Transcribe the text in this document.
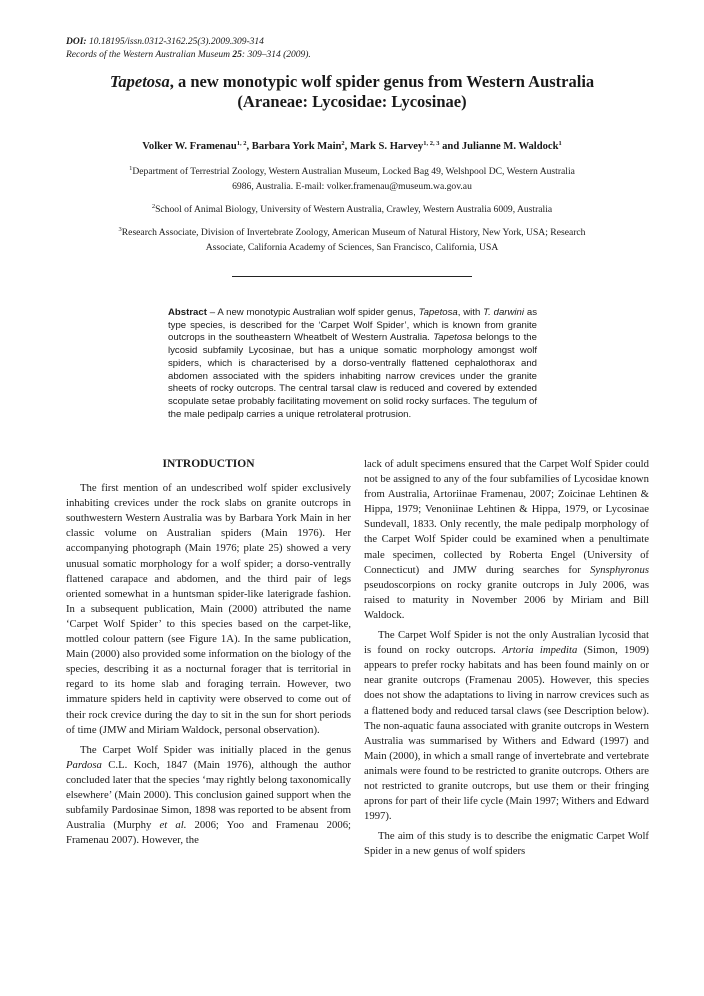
DOI: 10.18195/issn.0312-3162.25(3).2009.309-314
Records of the Western Australian Museum 25: 309–314 (2009).
Tapetosa, a new monotypic wolf spider genus from Western Australia
(Araneae: Lycosidae: Lycosinae)
Volker W. Framenau$^{1, 2}$, Barbara York Main$^2$, Mark S. Harvey$^{1, 2, 3}$ and Julianne M. Waldock$^1$
$^1$Department of Terrestrial Zoology, Western Australian Museum, Locked Bag 49, Welshpool DC, Western Australia
6986, Australia. E-mail: volker.framenau@museum.wa.gov.au
$^2$School of Animal Biology, University of Western Australia, Crawley, Western Australia 6009, Australia
$^3$Research Associate, Division of Invertebrate Zoology, American Museum of Natural History, New York, USA; Research
Associate, California Academy of Sciences, San Francisco, California, USA
Abstract – A new monotypic Australian wolf spider genus, Tapetosa, with T. darwini as type species, is described for the ‘Carpet Wolf Spider’, which is known from granite outcrops in the southeastern Wheatbelt of Western Australia. Tapetosa belongs to the lycosid subfamily Lycosinae, but has a unique somatic morphology amongst wolf spiders, which is characterised by a dorso-ventrally flattened cephalothorax and abdomen associated with the spiders inhabiting narrow crevices under the granite sheets of rocky outcrops. The central tarsal claw is reduced and covered by extended scopulate setae probably facilitating movement on solid rocky surfaces. The tegulum of the male pedipalp carries a unique retrolateral protrusion.
INTRODUCTION

The first mention of an undescribed wolf spider exclusively inhabiting crevices under the rock slabs on granite outcrops in southwestern Western Australia was by Barbara York Main in her classic volume on Australian spiders (Main 1976). Her accompanying photograph (Main 1976; plate 25) showed a very unusual somatic morphology for a wolf spider; a dorso-ventrally flattened carapace and abdomen, and the third pair of legs oriented somewhat in a huntsman spider-like laterigrade fashion. In a subsequent publication, Main (2000) attributed the name ‘Carpet Wolf Spider’ to this species based on the carpet-like, mottled colour pattern (see Figure 1A). In the same publication, Main (2000) also provided some information on the biology of the species, describing it as a nocturnal forager that is territorial in regard to its home slab and foraging terrain. However, two immature spiders held in captivity were observed to come out of their rock crevice during the day to sit in the sun for short periods of time (JMW and Miriam Waldock, personal observation).

The Carpet Wolf Spider was initially placed in the genus Pardosa C.L. Koch, 1847 (Main 1976), although the author concluded later that the species ‘may rightly belong taxonomically elsewhere’ (Main 2000). This conclusion gained support when the subfamily Pardosinae Simon, 1898 was reported to be absent from Australia (Murphy et al. 2006; Yoo and Framenau 2006; Framenau 2007). However, the

lack of adult specimens ensured that the Carpet Wolf Spider could not be assigned to any of the four subfamilies of Lycosidae known from Australia, Artoriinae Framenau, 2007; Zoicinae Lehtinen & Hippa, 1979; Venoniinae Lehtinen & Hippa, 1979, or Lycosinae Sundevall, 1833. Only recently, the male pedipalp morphology of the Carpet Wolf Spider could be examined when a penultimate male specimen, collected by Roberta Engel (University of Connecticut) and JMW during searches for Synsphyronus pseudoscorpions on rocky granite outcrops in July 2006, was raised to maturity in November 2006 by Miriam and Bill Waldock.

The Carpet Wolf Spider is not the only Australian lycosid that is found on rocky outcrops. Artoria impedita (Simon, 1909) appears to prefer rocky habitats and has been found mainly on or near granite outcrops (Framenau 2005). However, this species does not show the adaptations to living in narrow crevices such as a flattened body and reduced tarsal claws (see Description below). The non-aquatic fauna associated with granite outcrops in Western Australia was summarised by Withers and Edward (1997) and Main (2000), in which a small range of invertebrate and vertebrate animals were found to be restricted to granite outcrops. Others are not restricted to granite outcrops, but use them or their fringing aprons for part of their life cycle (Main 1997; Withers and Edward 1997).

The aim of this study is to describe the enigmatic Carpet Wolf Spider in a new genus of wolf spiders
